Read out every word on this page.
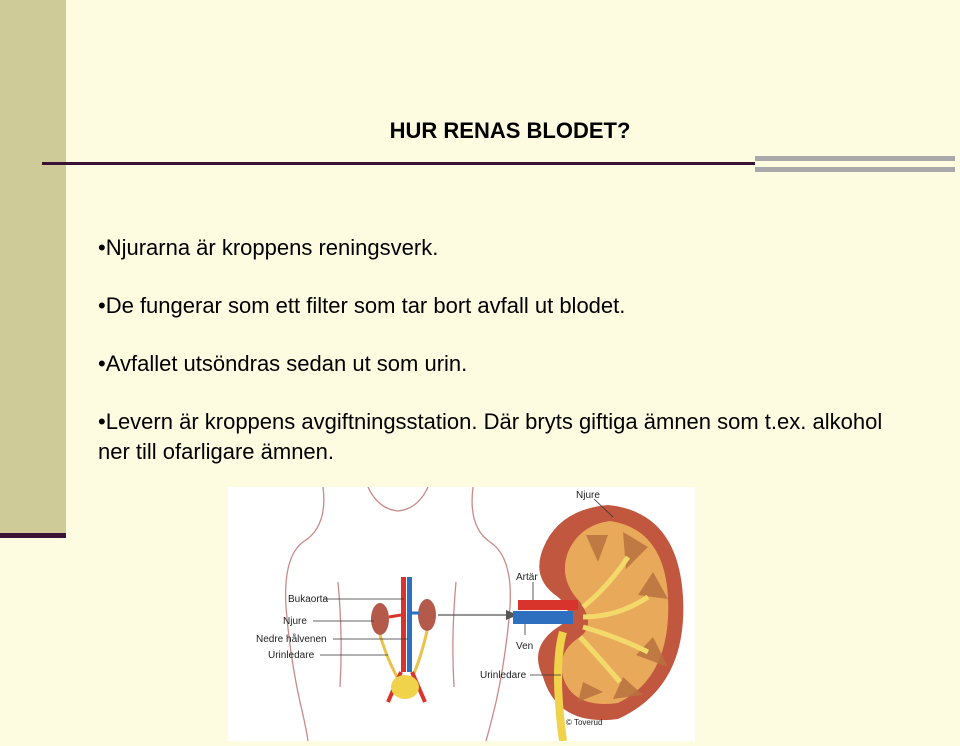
HUR RENAS BLODET?

•Njurarna är kroppens reningsverk.

•De fungerar som ett filter som tar bort avfall ut blodet.

•Avfallet utsöndras sedan ut som urin.

•Levern är kroppens avgiftningsstation. Där bryts giftiga ämnen som t.ex. alkohol ner till ofarligare ämnen.

Bukaorta
Njure
Nedre hålvenen
Urinledare
Njure
Artär
Ven
Urinledare
© Toverud
